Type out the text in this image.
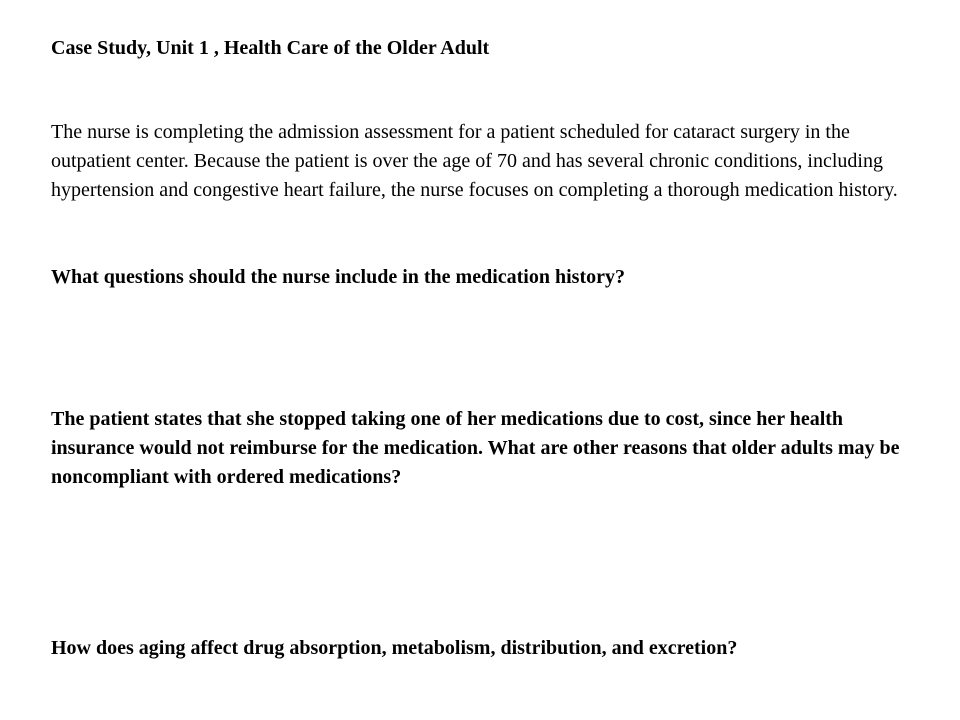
Case Study, Unit 1 , Health Care of the Older Adult

The nurse is completing the admission assessment for a patient scheduled for cataract surgery in the outpatient center. Because the patient is over the age of 70 and has several chronic conditions, including hypertension and congestive heart failure, the nurse focuses on completing a thorough medication history.

What questions should the nurse include in the medication history?

The patient states that she stopped taking one of her medications due to cost, since her health insurance would not reimburse for the medication. What are other reasons that older adults may be noncompliant with ordered medications?

How does aging affect drug absorption, metabolism, distribution, and excretion?
